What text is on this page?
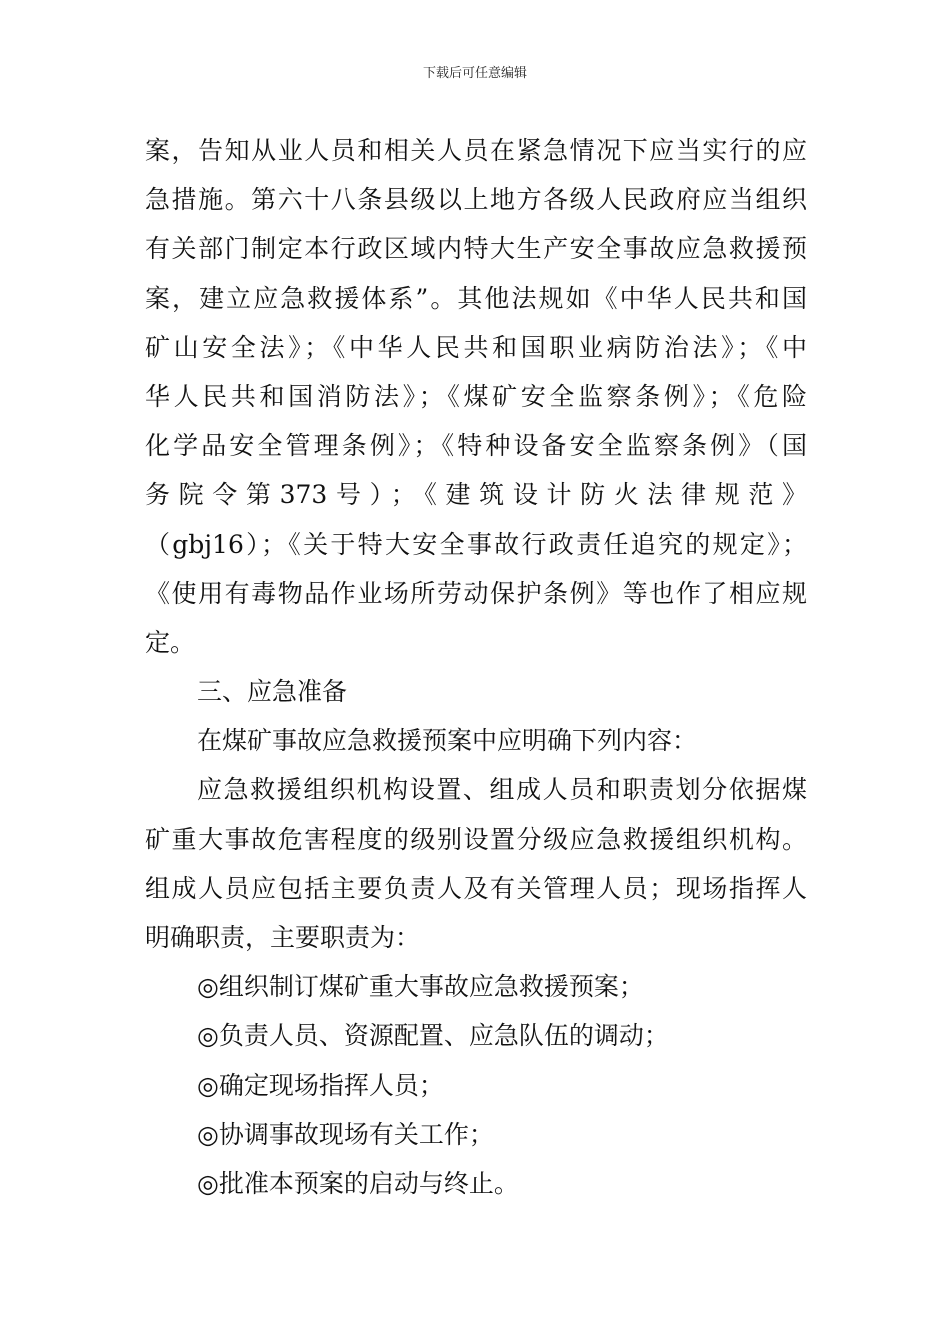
下载后可任意编辑
案，告知从业人员和相关人员在紧急情况下应当实行的应
急措施。第六十八条县级以上地方各级人民政府应当组织
有关部门制定本行政区域内特大生产安全事故应急救援预
案，建立应急救援体系”。其他法规如《中华人民共和国
矿山安全法》；《中华人民共和国职业病防治法》；《中
华人民共和国消防法》；《煤矿安全监察条例》；《危险
化学品安全管理条例》；《特种设备安全监察条例》（国
务院令第373号）；《建筑设计防火法律规范》
（gbj16）；《关于特大安全事故行政责任追究的规定》；
《使用有毒物品作业场所劳动保护条例》等也作了相应规
定。
三、应急准备
在煤矿事故应急救援预案中应明确下列内容：
应急救援组织机构设置、组成人员和职责划分依据煤
矿重大事故危害程度的级别设置分级应急救援组织机构。
组成人员应包括主要负责人及有关管理人员；现场指挥人
明确职责，主要职责为：
◎组织制订煤矿重大事故应急救援预案；
◎负责人员、资源配置、应急队伍的调动；
◎确定现场指挥人员；
◎协调事故现场有关工作；
◎批准本预案的启动与终止。
